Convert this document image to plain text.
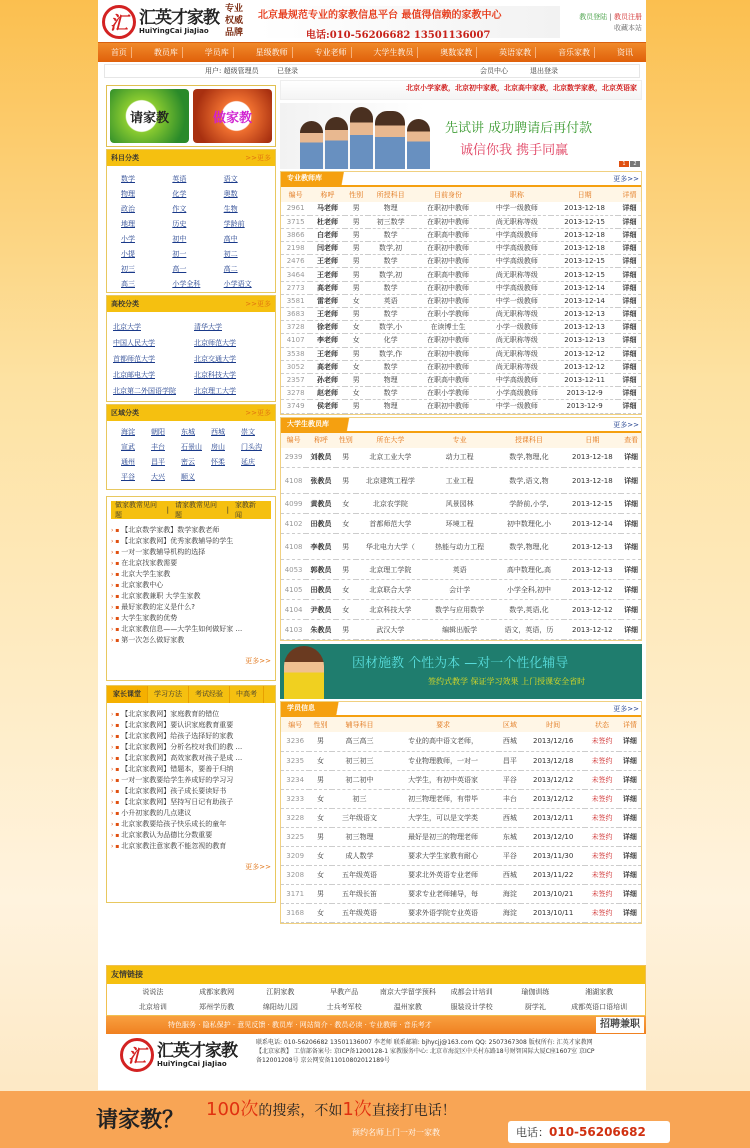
汇 汇英才家教
HuiYingCai JiaJiao
专业
权威
品牌
北京最规范专业的家教信息平台 最值得信赖的家教中心
电话:010-56206682 13501136007
教员登陆 | 教员注册
收藏本站
首页	教员库	学员库	星级教师	专业老师	大学生教员	奥数家教	英语家教	音乐家教	资讯
用户: 超级管理员	已登录	会员中心	退出登录
请家教	做家教
科目分类	>>更多
数学	英语	语文
物理	化学	奥数
政治	作文	生物
地理	历史	学龄前
小学	初中	高中
小提	初一	初二
初三	高一	高二
高三	小学全科	小学语文
高校分类	>>更多
北京大学	清华大学
中国人民大学	北京师范大学
首都师范大学	北京交通大学
北京邮电大学	北京科技大学
北京第二外国语学院	北京理工大学
区域分类	>>更多
海淀	朝阳	东城	西城	崇文
宣武	丰台	石景山	房山	门头沟
通州	昌平	密云	怀柔	延庆
平谷	大兴	顺义
做家教常见问题
|
请家教常见问题
|
家教新闻
› ▪ 【北京数学家教】数学家教老师
› ▪ 【北京家教网】优秀家教辅导的学生
› ▪ 一对一家教辅导机构的选择
› ▪ 在北京找家教需要
› ▪ 北京大学生家教
› ▪ 北京家教中心
› ▪ 北京家教兼职 大学生家教
› ▪ 最好家教的定义是什么?
› ▪ 大学生家教的优势
› ▪ 北京家教信息——大学生如何做好家 ...
› ▪ 第一次怎么做好家教
更多>>
家长课堂	学习方法	考试经验	中高考
› ▪ 【北京家教网】家庭教育的错位
› ▪ 【北京家教网】要认识家庭教育重要
› ▪ 【北京家教网】给孩子选择好的家教
› ▪ 【北京家教网】分析名校对我们的教 ...
› ▪ 【北京家教网】高效家教对孩子是成 ...
› ▪ 【北京家教网】错题本，要善于归纳
› ▪ 一对一家教要给学生养成好的学习习
› ▪ 【北京家教网】孩子成长要读好书
› ▪ 【北京家教网】坚持写日记有助孩子
› ▪ 小升初家教的几点建议
› ▪ 北京家教要给孩子快乐成长的童年
› ▪ 北京家教认为品德比分数重要
› ▪ 北京家教注意家教不能忽视的教育
更多>>
北京小学家教，北京初中家教，北京高中家教，北京数学家教，北京英语家
先试讲 成功聘请后再付款
诚信你我 携手同赢
1	2
专业教师库	更多>>
编号	称呼	性别	所授科目	目前身份	职称	日期	详情
2961	马老师	男	物理	在职初中教师	中学一级教师	2013-12-18	详细
3715	杜老师	男	初三数学	在职初中教师	尚无职称等级	2013-12-15	详细
3866	白老师	男	数学	在职高中教师	中学高级教师	2013-12-18	详细
2198	闫老师	男	数学,初	在职初中教师	中学高级教师	2013-12-18	详细
2476	王老师	男	数学	在职初中教师	中学高级教师	2013-12-15	详细
3464	王老师	男	数学,初	在职高中教师	尚无职称等级	2013-12-15	详细
2773	高老师	男	数学	在职初中教师	中学高级教师	2013-12-14	详细
3581	雷老师	女	英语	在职初中教师	中学一级教师	2013-12-14	详细
3683	王老师	男	数学	在职小学教师	尚无职称等级	2013-12-13	详细
3728	徐老师	女	数学,小	在读博士生	小学一级教师	2013-12-13	详细
4107	李老师	女	化学	在职初中教师	尚无职称等级	2013-12-13	详细
3538	王老师	男	数学,作	在职初中教师	尚无职称等级	2013-12-12	详细
3052	高老师	女	数学	在职初中教师	尚无职称等级	2013-12-12	详细
2357	孙老师	男	物理	在职高中教师	中学高级教师	2013-12-11	详细
3278	赵老师	女	数学	在职小学教师	小学高级教师	2013-12-9	详细
3749	侯老师	男	物理	在职初中教师	中学一级教师	2013-12-9	详细
大学生教员库	更多>>
编号	称呼	性别	所在大学	专业	授课科目	日期	查看
2939	刘教员	男	北京工业大学	动力工程	数学,物理,化	2013-12-18	详细
4108	张教员	男	北京建筑工程学	工业工程	数学,语文,物	2013-12-18	详细
4099	黄教员	女	北京农学院	风景园林	学龄前,小学,	2013-12-15	详细
4102	田教员	女	首都师范大学	环境工程	初中数理化,小	2013-12-14	详细
4108	李教员	男	华北电力大学（	热能与动力工程	数学,物理,化	2013-12-13	详细
4053	郭教员	男	北京理工学院	英语	高中数理化,高	2013-12-13	详细
4105	田教员	女	北京联合大学	会计学	小学全科,初中	2013-12-12	详细
4104	尹教员	女	北京科技大学	数学与应用数学	数学,英语,化	2013-12-12	详细
4103	朱教员	男	武汉大学	编辑出版学	语文，英语，历	2013-12-12	详细
因材施教 个性为本 —对一个性化辅导
签约式教学 保证学习效果 上门授课安全省时
学员信息	更多>>
编号	性别	辅导科目	要求	区域	时间	状态	详情
3236	男	高三高三	专业的高中语文老师，	西城	2013/12/16	未签约	详细
3235	女	初三初三	专业物理教师，一对一	昌平	2013/12/18	未签约	详细
3234	男	初二初中	大学生，有初中英语家	平谷	2013/12/12	未签约	详细
3233	女	初三	初三物理老师，有带毕	丰台	2013/12/12	未签约	详细
3228	女	三年级语文	大学生，可以是文学类	西城	2013/12/11	未签约	详细
3225	男	初三物理	最好是初三的物理老师	东城	2013/12/10	未签约	详细
3209	女	成人数学	要求大学生家教有耐心	平谷	2013/11/30	未签约	详细
3208	女	五年级英语	要求北外英语专业老师	西城	2013/11/22	未签约	详细
3171	男	五年级长笛	要求专业老师辅导，每	海淀	2013/10/21	未签约	详细
3168	女	五年级英语	要求外语学院专业英语	海淀	2013/10/11	未签约	详细
友情链接
说说法	成都家教网	江阴家教	早教产品	南京大学留学预科	成都会计培训	瑜伽训练	湘湖家教
北京培训	郑州学历教	绵阳幼儿园	士兵考军校	温州家教	服装设计学校	厨学礼	成都英语口语培训
特色服务 · 隐私保护 · 意见反馈 · 教员库 · 网站简介 · 教员必读 · 专业教师 · 音乐考才	招聘兼职
汇 汇英才家教
HuiYingCai JiaJiao
联系电话: 010-56206682 13501136007 李老师 联系邮箱: bjhycjj@163.com QQ: 2507367308 版权所有: 汇英才家教网
【北京家教】 工信部备案号: 京ICP备1200128-1 家教服务中心: 北京市海淀区中关村东路18号财智国际大厦C座1607室 京ICP
备12001208号 京公网安备11010802012189号
请家教？ 100次的搜索，不如1次直接打电话！
预约名师上门一对一家教	电话：010-56206682
